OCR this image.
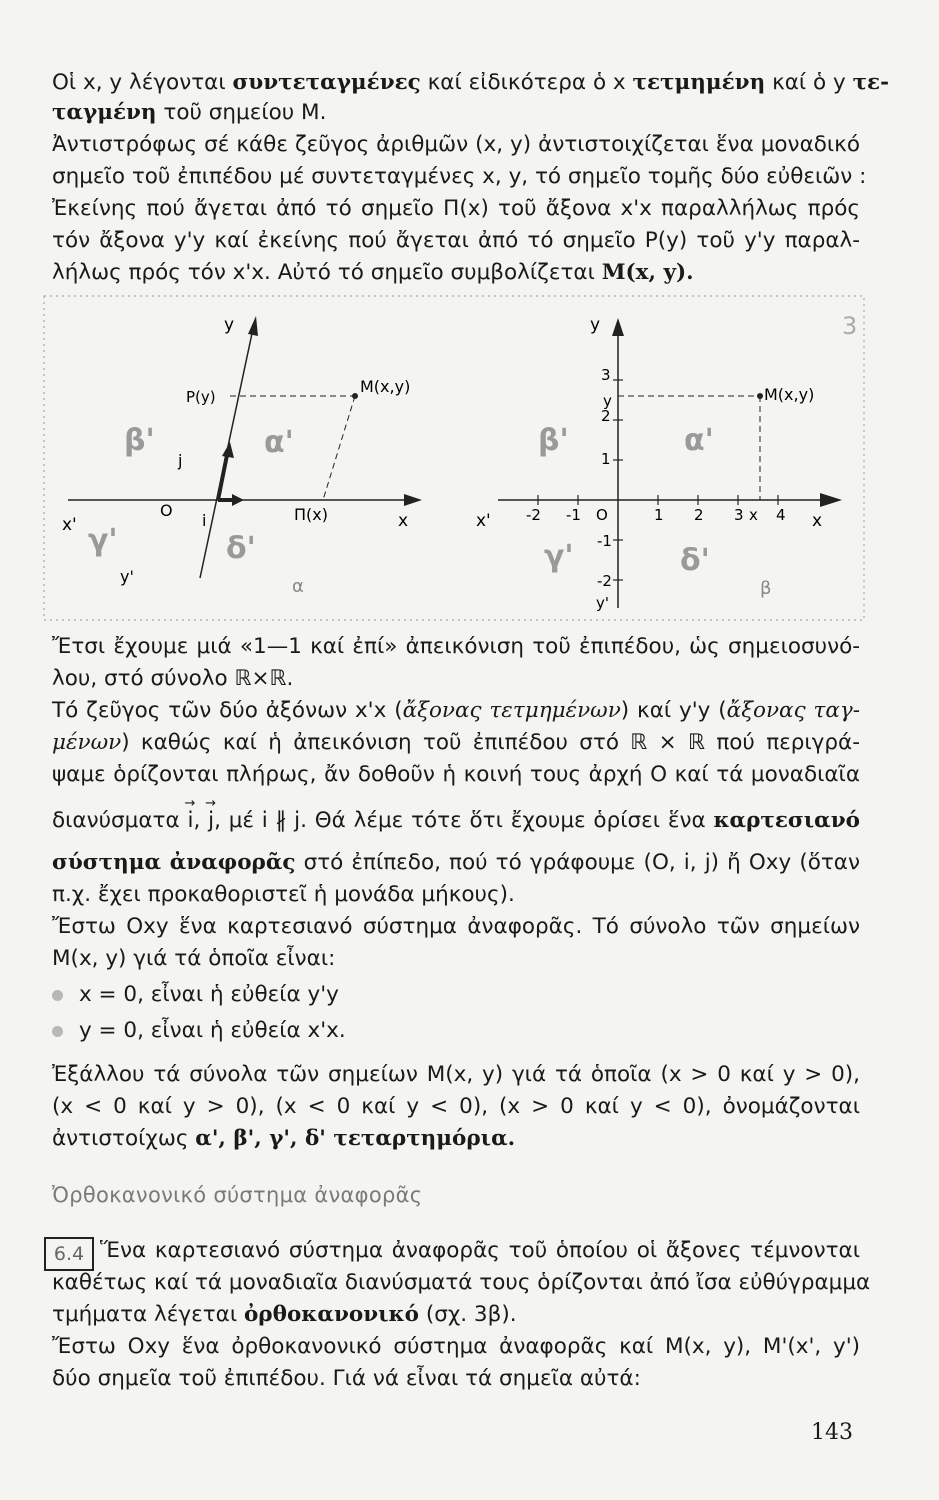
Οἱ x, y λέγονται συντεταγμένες καί εἰδικότερα ὁ x τετμημένη καί ὁ y τε-
ταγμένη τοῦ σημείου Μ.
Ἀντιστρόφως σέ κάθε ζεῦγος ἀριθμῶν (x, y) ἀντιστοιχίζεται ἕνα μοναδικό
σημεῖο τοῦ ἐπιπέδου μέ συντεταγμένες x, y, τό σημεῖο τομῆς δύο εὐθειῶν :
Ἐκείνης πού ἄγεται ἀπό τό σημεῖο Π(x) τοῦ ἄξονα x'x παραλλήλως πρός
τόν ἄξονα y'y καί ἐκείνης πού ἄγεται ἀπό τό σημεῖο P(y) τοῦ y'y παραλ-
λήλως πρός τόν x'x. Αὐτό τό σημεῖο συμβολίζεται M(x, y).
3
y
P(y)
M(x,y)
j
x'
O
i	Π(x)	x
y'
β'	α'
γ'	δ'
α
y
M(x,y)
y
x
3
2
1
-1
-2
x' -2 -1 O	1 2 3 4 x
y'
β'	α'
γ'	δ'
β
Ἔτσι ἔχουμε μιά «1—1 καί ἐπί» ἀπεικόνιση τοῦ ἐπιπέδου, ὡς σημειοσυνό-
λου, στό σύνολο ℝ×ℝ.
Τό ζεῦγος τῶν δύο ἀξόνων x'x (ἄξονας τετμημένων) καί y'y (ἄξονας ταγ-
μένων) καθώς καί ἡ ἀπεικόνιση τοῦ ἐπιπέδου στό ℝ × ℝ πού περιγρά-
ψαμε ὁρίζονται πλήρως, ἄν δοθοῦν ἡ κοινή τους ἀρχή Ο καί τά μοναδιαῖα
διανύσματα → i, → j, μέ i ∦ j. Θά λέμε τότε ὅτι ἔχουμε ὁρίσει ἕνα καρτεσιανό
σύστημα ἀναφορᾶς στό ἐπίπεδο, πού τό γράφουμε (O, i, j) ἤ Οxy (ὅταν
π.χ. ἔχει προκαθοριστεῖ ἡ μονάδα μήκους).
Ἔστω Οxy ἕνα καρτεσιανό σύστημα ἀναφορᾶς. Τό σύνολο τῶν σημείων
M(x, y) γιά τά ὁποῖα εἶναι:
x = 0, εἶναι ἡ εὐθεία y'y
y = 0, εἶναι ἡ εὐθεία x'x.
Ἐξάλλου τά σύνολα τῶν σημείων M(x, y) γιά τά ὁποῖα (x > 0 καί y > 0),
(x < 0 καί y > 0), (x < 0 καί y < 0), (x > 0 καί y < 0), ὀνομάζονται
ἀντιστοίχως α', β', γ', δ' τεταρτημόρια.
Ὀρθοκανονικό σύστημα ἀναφορᾶς
6.4 Ἕνα καρτεσιανό σύστημα ἀναφορᾶς τοῦ ὁποίου οἱ ἄξονες τέμνονται
καθέτως καί τά μοναδιαῖα διανύσματά τους ὁρίζονται ἀπό ἴσα εὐθύγραμμα
τμήματα λέγεται ὀρθοκανονικό (σχ. 3β).
Ἔστω Οxy ἕνα ὀρθοκανονικό σύστημα ἀναφορᾶς καί M(x, y), M'(x', y')
δύο σημεῖα τοῦ ἐπιπέδου. Γιά νά εἶναι τά σημεῖα αὐτά:
143
